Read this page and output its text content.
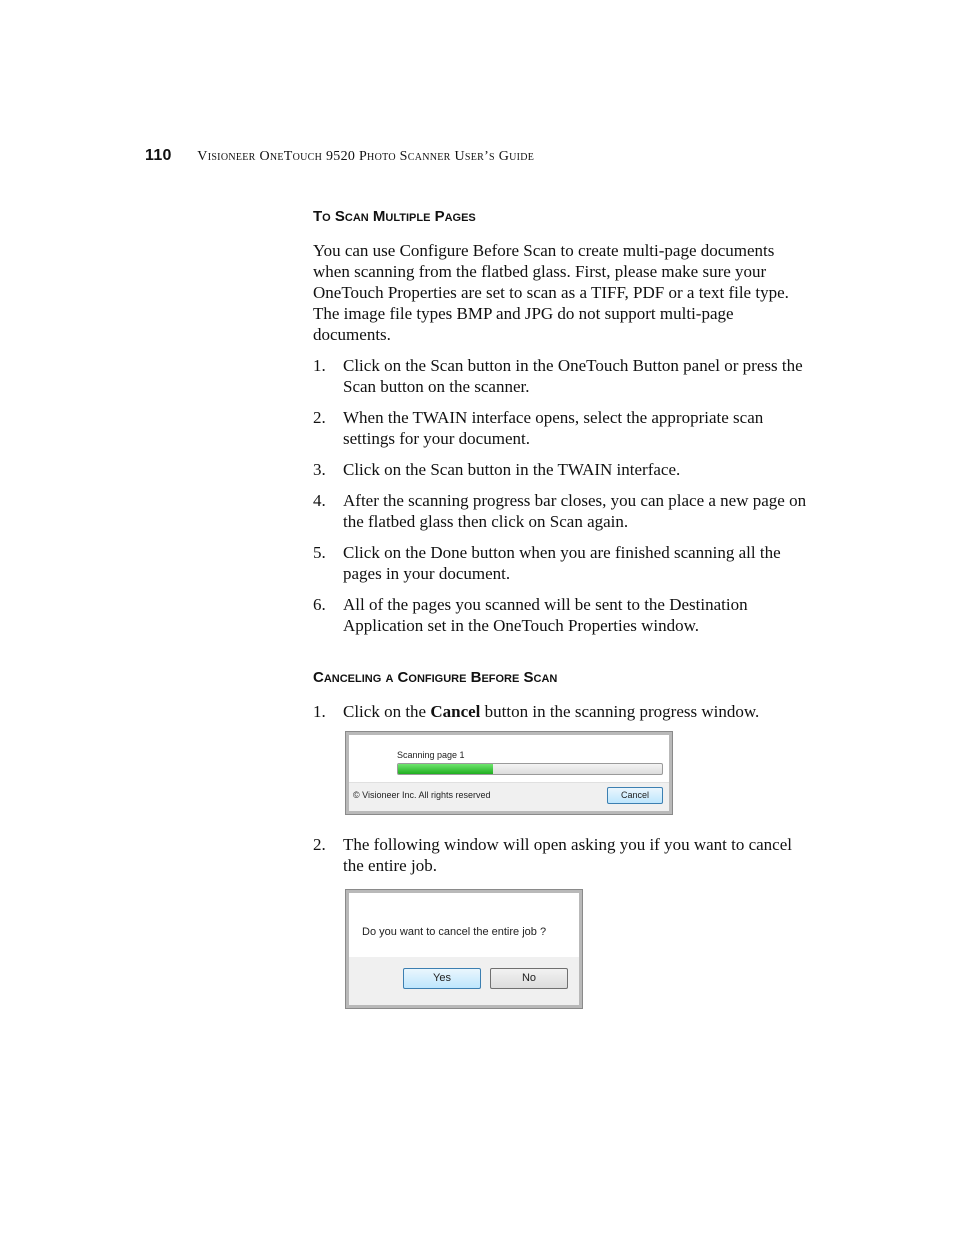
110 Visioneer OneTouch 9520 Photo Scanner User’s Guide
To Scan Multiple Pages

You can use Configure Before Scan to create multi-page documents when scanning from the flatbed glass. First, please make sure your OneTouch Properties are set to scan as a TIFF, PDF or a text file type. The image file types BMP and JPG do not support multi-page documents.

1. Click on the Scan button in the OneTouch Button panel or press the Scan button on the scanner.
2. When the TWAIN interface opens, select the appropriate scan settings for your document.
3. Click on the Scan button in the TWAIN interface.
4. After the scanning progress bar closes, you can place a new page on the flatbed glass then click on Scan again.
5. Click on the Done button when you are finished scanning all the pages in your document.
6. All of the pages you scanned will be sent to the Destination Application set in the OneTouch Properties window.
Canceling a Configure Before Scan
1. Click on the Cancel button in the scanning progress window.
Scanning page 1
© Visioneer Inc. All rights reserved	Cancel
2. The following window will open asking you if you want to cancel the entire job.
Do you want to cancel the entire job ?
Yes	No
